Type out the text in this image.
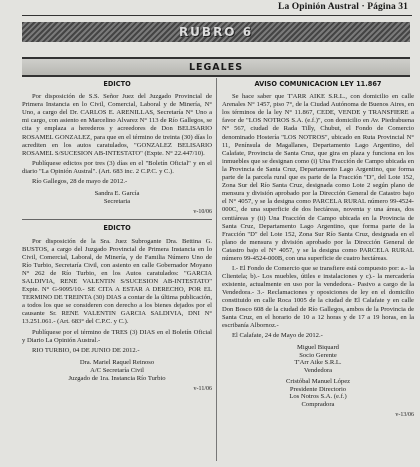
La Opinión Austral · Página 31
RUBRO 6
LEGALES
EDICTO

Por disposición de S.S. Señor Juez del Juzgado Provincial de Primera Instancia en lo Civil, Comercial, Laboral y de Minería, N° Uno, a cargo del Dr. CARLOS E. ARENILLAS, Secretaría N° Uno a mi cargo, con asiento en Marcelino Alvarez N° 113 de Río Gallegos, se cita y emplaza a herederos y acreedores de Don BELISARIO ROSAMEL GONZALEZ, para que en el término de treinta (30) días lo acrediten en los autos caratulados, "GONZALEZ BELISARIO ROSAMEL S/SUCESION AB-INTESTATO" (Expte. N° 22.447/10).

Publíquese edictos por tres (3) días en el "Boletín Oficial" y en el diario "La Opinión Austral". (Art. 683 inc. 2 C.P.C. y C.).

Río Gallegos, 28 de mayo de 2012.-

Sandra E. García
Secretaria
v-10/06
EDICTO

Por disposición de la Sra. Juez Subrogante Dra. Bettina G. BUSTOS, a cargo del Juzgado Provincial de Primera Instancia en lo Civil, Comercial, Laboral, de Minería, y de Familia Número Uno de Río Turbio, Secretaría Civil, con asiento en calle Gobernador Moyano N° 262 de Río Turbio, en los Autos caratulados: "GARCIA SALDIVIA, RENE VALENTIN S/SUCESION AB-INTESTATO" Expte. N° G-9095/10.- SE CITA A ESTAR A DERECHO, POR EL TERMINO DE TREINTA (30) DIAS a contar de la última publicación, a todos los que se consideren con derecho a los bienes dejados por el causante Sr. RENE VALENTIN GARCIA SALDIVIA, DNI N° 13.251.061.- (Art. 683° del C.P.C. y C.).

Publíquese por el término de TRES (3) DIAS en el Boletín Oficial y Diario La Opinión Austral.-

RIO TURBIO, 04 DE JUNIO DE 2012.-

Dra. Mariel Raquel Reinoso
A/C Secretaría Civil
Juzgado de 1ra. Instancia Río Turbio
v-11/06
AVISO COMUNICACION LEY 11.867

Se hace saber que T'ARR AIKE S.R.L., con domicilio en calle Arenales N° 1457, piso 7°, de la Ciudad Autónoma de Buenos Aires, en los términos de la ley N° 11.867, CEDE, VENDE y TRANSFIERE a favor de "LOS NOTROS S.A. (e.f.)", con domicilio en Av. Piedrabuena N° 567, ciudad de Rada Tilly, Chubut, el Fondo de Comercio denominado Hostería "LOS NOTROS", ubicado en Ruta Provincial N° 11, Península de Magallanes, Departamento Lago Argentino, del Calafate, Provincia de Santa Cruz, que gira en plaza y funciona en los inmuebles que se designan como (i) Una Fracción de Campo ubicada en la Provincia de Santa Cruz, Departamento Lago Argentino, que forma parte de la parcela rural que es parte de la Fracción "D", del Lote 152, Zona Sur del Río Santa Cruz, designada como Lote 2 según plano de mensura y división aprobado por la Dirección General de Catastro bajo el N° 4057, y se la designa como PARCELA RURAL número 99-4524-000C, de una superficie de dos hectáreas, noventa y una áreas, dos centiáreas y (ii) Una Fracción de Campo ubicada en la Provincia de Santa Cruz, Departamento Lago Argentino, que forma parte de la Fracción "D" del Lote 152, Zona Sur Río Santa Cruz, designada en el plano de mensura y división aprobado por la Dirección General de Catastro bajo el N° 4057, y se la designa como PARCELA RURAL número 99-4524-000B, con una superficie de cuatro hectáreas.

I.- El Fondo de Comercio que se transfiere está compuesto por: a.- la Clientela; b).- Los muebles, útiles e instalaciones y c).- la mercadería existente, actualmente en uso por la vendedora.- Pasivo a cargo de la Vendedora.- 3.- Reclamaciones y oposiciones de ley en el domicilio constituido en calle Roca 1005 de la ciudad de El Calafate y en calle Don Bosco 608 de la ciudad de Río Gallegos, ambos de la Provincia de Santa Cruz, en el horario de 10 a 12 horas y de 17 a 19 horas, en la escribanía Albornoz.-

El Calafate, 24 de Mayo de 2012.-

Miguel Biquard
Socio Gerente
T'Arr Aike S.R.L.
Vendedora
Cristóbal Manuel López
Presidente Directorio
Los Notros S.A. (e.f.)
Compradora
v-13/06
